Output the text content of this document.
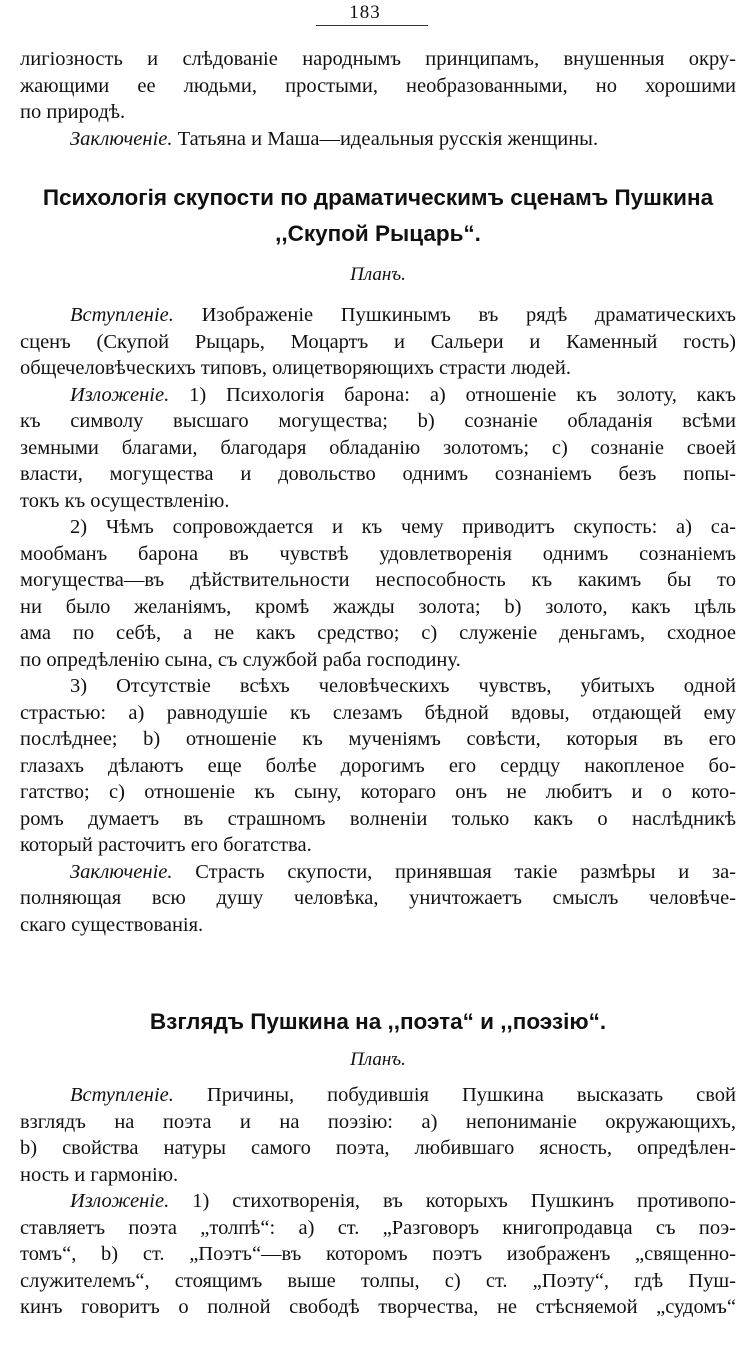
183
лигіозность и слѣдованіе народнымъ принципамъ, внушенныя окру-
жающими ее людьми, простыми, необразованными, но хорошими
по природѣ.
Заключеніе. Татьяна и Маша—идеальныя русскія женщины.
Психологія скупости по драматическимъ сценамъ Пушкина
,,Скупой Рыцарь“.
Планъ.
Вступленіе. Изображеніе Пушкинымъ въ рядѣ драматическихъ
сценъ (Скупой Рыцарь, Моцартъ и Сальери и Каменный гость)
общечеловѣческихъ типовъ, олицетворяющихъ страсти людей.
Изложеніе. 1) Психологія барона: а) отношеніе къ золоту, какъ
къ символу высшаго могущества; b) сознаніе обладанія всѣми
земными благами, благодаря обладанію золотомъ; c) сознаніе своей
власти, могущества и довольство однимъ сознаніемъ безъ попы-
токъ къ осуществленію.
2) Чѣмъ сопровождается и къ чему приводитъ скупость: а) са-
мообманъ барона въ чувствѣ удовлетворенія однимъ сознаніемъ
могущества—въ дѣйствительности неспособность къ какимъ бы то
ни было желаніямъ, кромѣ жажды золота; b) золото, какъ цѣль
ама по себѣ, а не какъ средство; с) служеніе деньгамъ, сходное
по опредѣленію сына, съ службой раба господину.
3) Отсутствіе всѣхъ человѣческихъ чувствъ, убитыхъ одной
страстью: а) равнодушіе къ слезамъ бѣдной вдовы, отдающей ему
послѣднее; b) отношеніе къ мученіямъ совѣсти, которыя въ его
глазахъ дѣлаютъ еще болѣе дорогимъ его сердцу накопленое бо-
гатство; с) отношеніе къ сыну, котораго онъ не любитъ и о кото-
ромъ думаетъ въ страшномъ волненіи только какъ о наслѣдникѣ
который расточитъ его богатства.
Заключеніе. Страсть скупости, принявшая такіе размѣры и за-
полняющая всю душу человѣка, уничтожаетъ смыслъ человѣче-
скаго существованія.
Взглядъ Пушкина на ,,поэта“ и ,,поэзію“.
Планъ.
Вступленіе. Причины, побудившія Пушкина высказать свой
взглядъ на поэта и на поэзію: а) непониманіе окружающихъ,
b) свойства натуры самого поэта, любившаго ясность, опредѣлен-
ность и гармонію.
Изложеніе. 1) стихотворенія, въ которыхъ Пушкинъ противопо-
ставляетъ поэта „толпѣ“: а) ст. „Разговоръ книгопродавца съ поэ-
томъ“, b) ст. „Поэтъ“—въ которомъ поэтъ изображенъ „священно-
служителемъ“, стоящимъ выше толпы, с) ст. „Поэту“, гдѣ Пуш-
кинъ говоритъ о полной свободѣ творчества, не стѣсняемой „судомъ“
